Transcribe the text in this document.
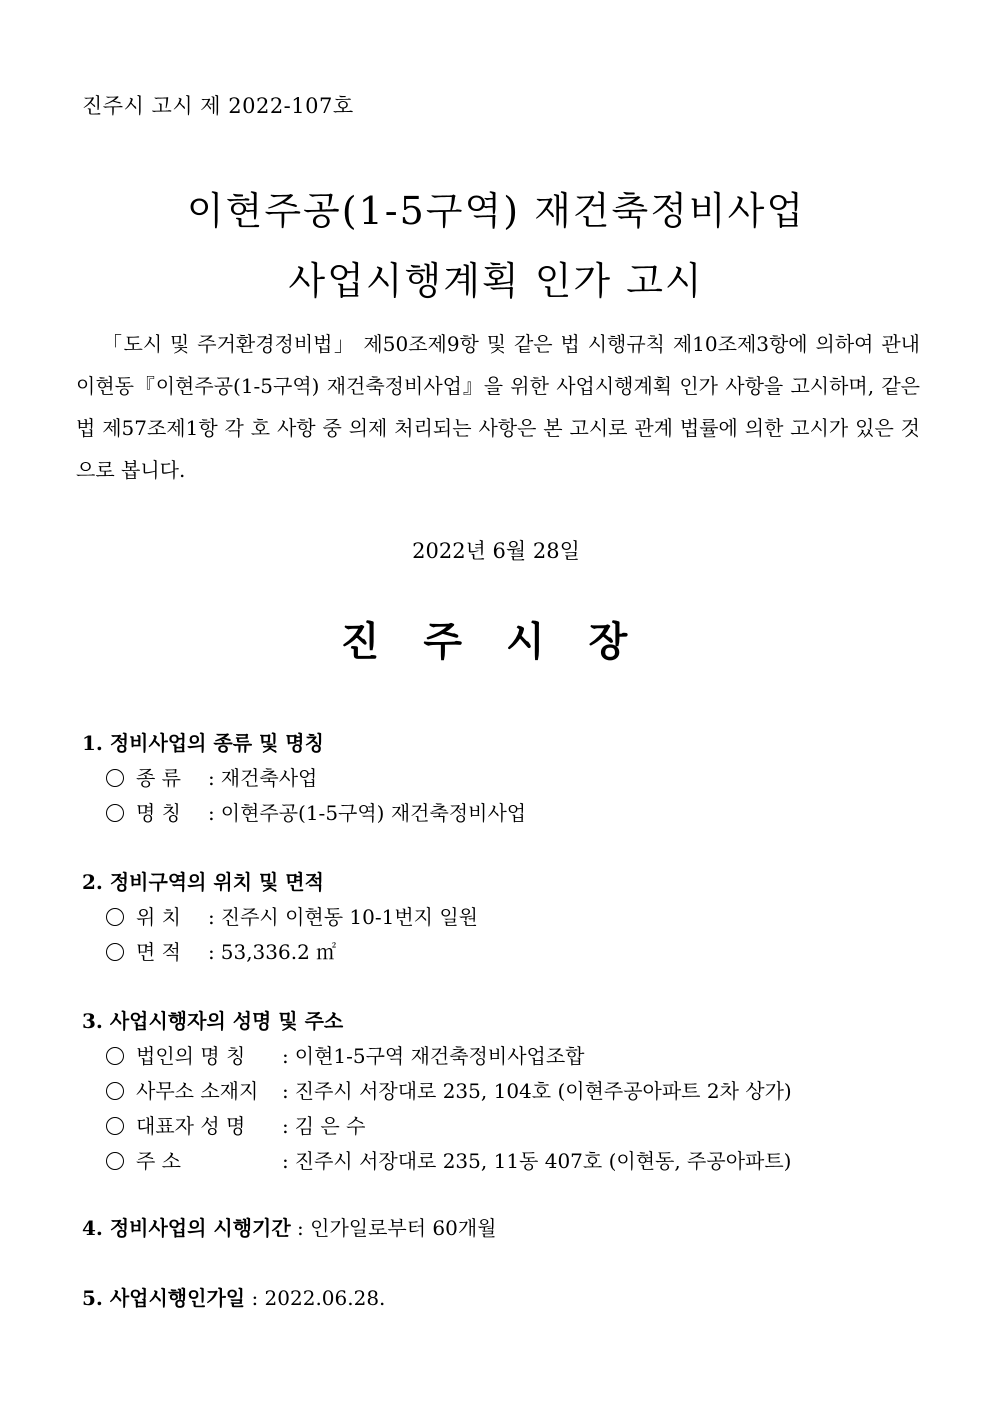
진주시 고시 제 2022-107호
이현주공(1-5구역) 재건축정비사업
사업시행계획 인가 고시
「도시 및 주거환경정비법」 제50조제9항 및 같은 법 시행규칙 제10조제3항에 의하여 관내 이현동『이현주공(1-5구역) 재건축정비사업』을 위한 사업시행계획 인가 사항을 고시하며, 같은 법 제57조제1항 각 호 사항 중 의제 처리되는 사항은 본 고시로 관계 법률에 의한 고시가 있은 것으로 봅니다.
2022년 6월 28일
진주시장
1. 정비사업의 종류 및 명칭
종 류 : 재건축사업
명 칭 : 이현주공(1-5구역) 재건축정비사업
2. 정비구역의 위치 및 면적
위 치 : 진주시 이현동 10-1번지 일원
면 적 : 53,336.2 ㎡
3. 사업시행자의 성명 및 주소
법인의 명 칭 : 이현1-5구역 재건축정비사업조합
사무소 소재지 : 진주시 서장대로 235, 104호 (이현주공아파트 2차 상가)
대표자 성 명 : 김 은 수
주 소	: 진주시 서장대로 235, 11동 407호 (이현동, 주공아파트)
4. 정비사업의 시행기간 : 인가일로부터 60개월
5. 사업시행인가일 : 2022.06.28.
